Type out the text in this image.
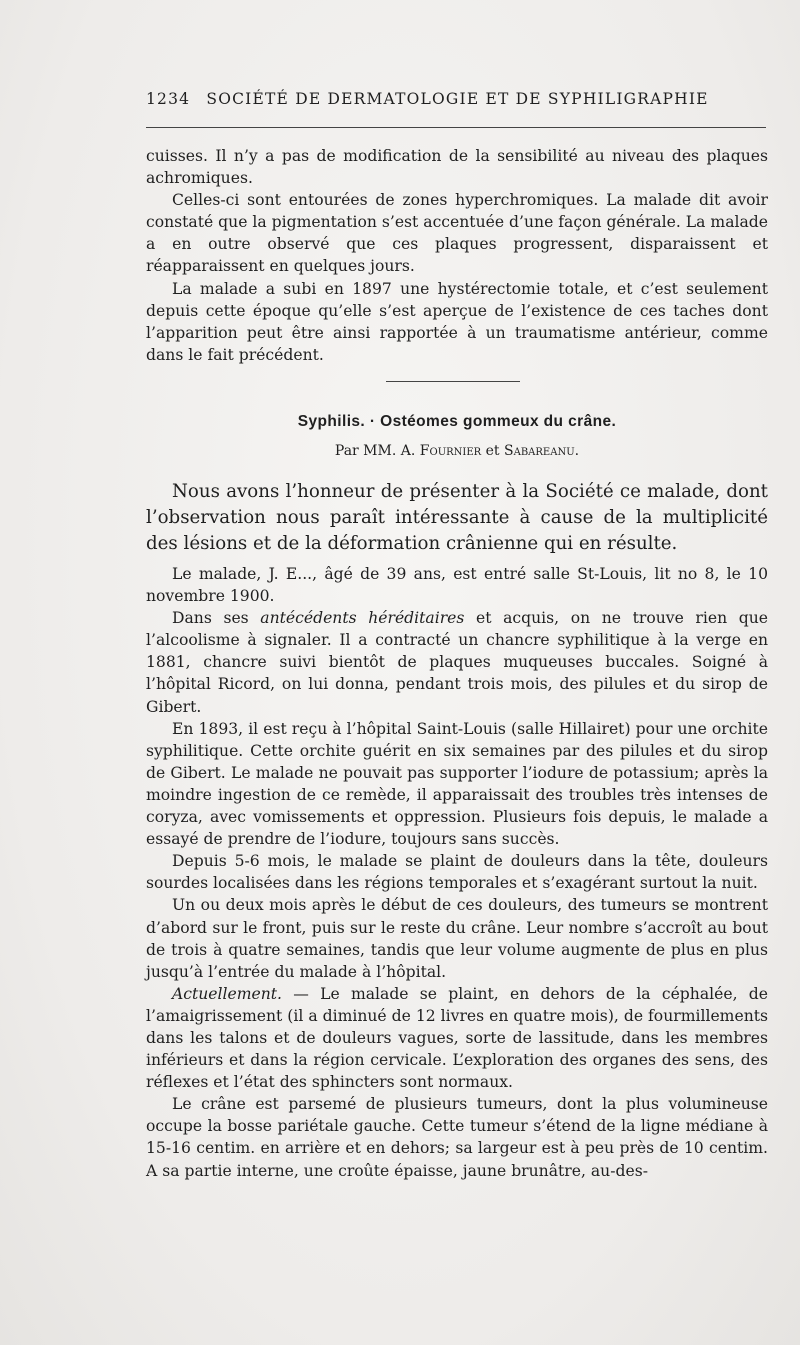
1234 SOCIÉTÉ DE DERMATOLOGIE ET DE SYPHILIGRAPHIE

cuisses. Il n’y a pas de modification de la sensibilité au niveau des plaques achromiques.

Celles-ci sont entourées de zones hyperchromiques. La malade dit avoir constaté que la pigmentation s’est accentuée d’une façon générale. La malade a en outre observé que ces plaques progressent, disparaissent et réapparaissent en quelques jours.

La malade a subi en 1897 une hystérectomie totale, et c’est seulement depuis cette époque qu’elle s’est aperçue de l’existence de ces taches dont l’apparition peut être ainsi rapportée à un traumatisme antérieur, comme dans le fait précédent.

Syphilis. · Ostéomes gommeux du crâne.
Par MM. A. Fournier et Sabareanu.

Nous avons l’honneur de présenter à la Société ce malade, dont l’observation nous paraît intéressante à cause de la multiplicité des lésions et de la déformation crânienne qui en résulte.

Le malade, J. E..., âgé de 39 ans, est entré salle St-Louis, lit no 8, le 10 novembre 1900.

Dans ses antécédents héréditaires et acquis, on ne trouve rien que l’alcoolisme à signaler. Il a contracté un chancre syphilitique à la verge en 1881, chancre suivi bientôt de plaques muqueuses buccales. Soigné à l’hôpital Ricord, on lui donna, pendant trois mois, des pilules et du sirop de Gibert.

En 1893, il est reçu à l’hôpital Saint-Louis (salle Hillairet) pour une orchite syphilitique. Cette orchite guérit en six semaines par des pilules et du sirop de Gibert. Le malade ne pouvait pas supporter l’iodure de potassium; après la moindre ingestion de ce remède, il apparaissait des troubles très intenses de coryza, avec vomissements et oppression. Plusieurs fois depuis, le malade a essayé de prendre de l’iodure, toujours sans succès.

Depuis 5-6 mois, le malade se plaint de douleurs dans la tête, douleurs sourdes localisées dans les régions temporales et s’exagérant surtout la nuit.

Un ou deux mois après le début de ces douleurs, des tumeurs se montrent d’abord sur le front, puis sur le reste du crâne. Leur nombre s’accroît au bout de trois à quatre semaines, tandis que leur volume augmente de plus en plus jusqu’à l’entrée du malade à l’hôpital.

Actuellement. — Le malade se plaint, en dehors de la céphalée, de l’amaigrissement (il a diminué de 12 livres en quatre mois), de fourmillements dans les talons et de douleurs vagues, sorte de lassitude, dans les membres inférieurs et dans la région cervicale. L’exploration des organes des sens, des réflexes et l’état des sphincters sont normaux.

Le crâne est parsemé de plusieurs tumeurs, dont la plus volumineuse occupe la bosse pariétale gauche. Cette tumeur s’étend de la ligne médiane à 15-16 centim. en arrière et en dehors; sa largeur est à peu près de 10 centim. A sa partie interne, une croûte épaisse, jaune brunâtre, au-des-
